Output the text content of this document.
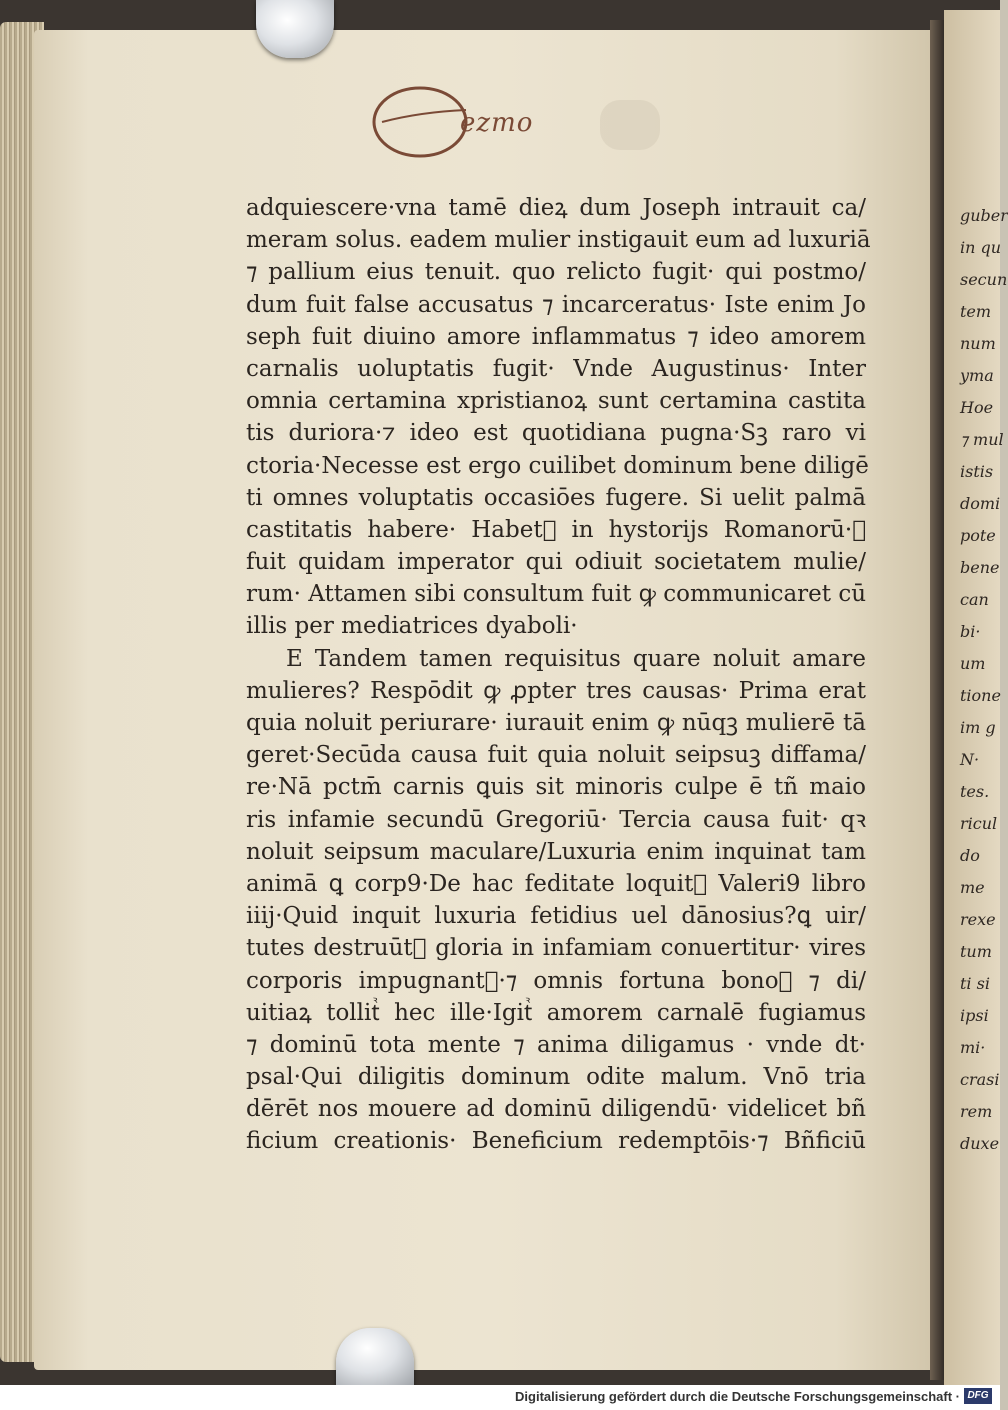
ezmo
adquiescere·vna tamē dieꝝ dum Joseph intrauit ca/
meram solus. eadem mulier instigauit eum ad luxuriā
⁊ pallium eius tenuit. quo relicto fugit· qui postmo/
dum fuit false accusatus ⁊ incarceratus· Iste enim Jo
seph fuit diuino amore inflammatus ⁊ ideo amorem
carnalis uoluptatis fugit· Vnde Augustinus· Inter
omnia certamina xpristianoꝝ sunt certamina castita
tis duriora·⁊ ideo est quotidiana pugna·Sꝫ raro vi
ctoria·Necesse est ergo cuilibet dominum bene diligē
ti omnes voluptatis occasiōes fugere. Si uelit palmā
castitatis habere· Habetᷣ in hystorijs Romanorū·ꝙ
fuit quidam imperator qui odiuit societatem mulie/
rum· Attamen sibi consultum fuit ꝙ communicaret cū
illis per mediatrices dyaboli·
E Tandem tamen requisitus quare noluit amare
mulieres? Respōdit ꝙ ꝓpter tres causas· Prima erat
quia noluit periurare· iurauit enim ꝙ nūqꝫ mulierē tā
geret·Secūda causa fuit quia noluit seipsuꝫ diffama/
re·Nā pctm̄ carnis ꝗuis sit minoris culpe ē tñ maio
ris infamie secundū Gregoriū· Tercia causa fuit· qꝛ
noluit seipsum maculare/Luxuria enim inquinat tam
animā ꝗ corp9·De hac feditate loquitᷣ Valeri9 libro
iiij·Quid inquit luxuria fetidius uel dānosius?ꝗ uir/
tutes destruūtᷣ gloria in infamiam conuertitur· vires
corporis impugnantᷣ·⁊ omnis fortuna bonoꝝ ⁊ di/
uitiaꝝ tollitᷣ hec ille·Igitᷣ amorem carnalē fugiamus
⁊ dominū tota mente ⁊ anima diligamus · vnde dt·
psal·Qui diligitis dominum odite malum. Vnō tria
dērēt nos mouere ad dominū diligendū· videlicet bñ
ficium creationis· Beneficium redemptōis·⁊ Bñficiū
guber
in qu
secun
tem
num
yma
Hoe
⁊ mul
istis
domi
pote
bene
can
bi·
um
tione
im g
N·
tes.
ricul
do
me
rexe
tum
ti si
ipsi
mi·
crasi
rem
duxe
Digitalisierung gefördert durch die Deutsche Forschungsgemeinschaft · DFG
